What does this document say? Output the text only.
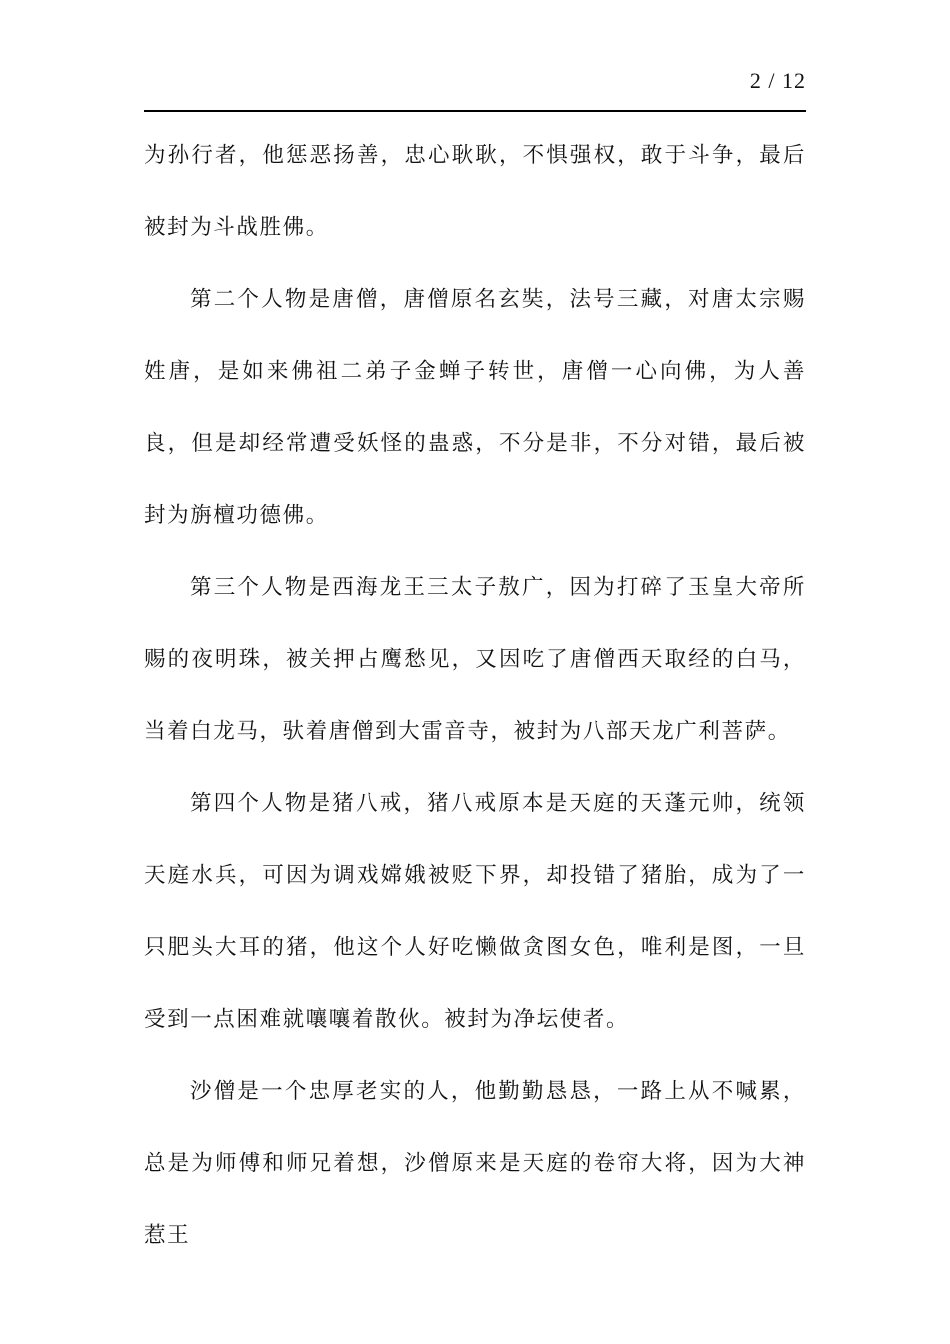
2 / 12

为孙行者，他惩恶扬善，忠心耿耿，不惧强权，敢于斗争，最后被封为斗战胜佛。

第二个人物是唐僧，唐僧原名玄奘，法号三藏，对唐太宗赐姓唐，是如来佛祖二弟子金蝉子转世，唐僧一心向佛，为人善良，但是却经常遭受妖怪的蛊惑，不分是非，不分对错，最后被封为旃檀功德佛。

第三个人物是西海龙王三太子敖广，因为打碎了玉皇大帝所赐的夜明珠，被关押占鹰愁见，又因吃了唐僧西天取经的白马，当着白龙马，驮着唐僧到大雷音寺，被封为八部天龙广利菩萨。

第四个人物是猪八戒，猪八戒原本是天庭的天蓬元帅，统领天庭水兵，可因为调戏嫦娥被贬下界，却投错了猪胎，成为了一只肥头大耳的猪，他这个人好吃懒做贪图女色，唯利是图，一旦受到一点困难就嚷嚷着散伙。被封为净坛使者。

沙僧是一个忠厚老实的人，他勤勤恳恳，一路上从不喊累，总是为师傅和师兄着想，沙僧原来是天庭的卷帘大将，因为大神惹王
